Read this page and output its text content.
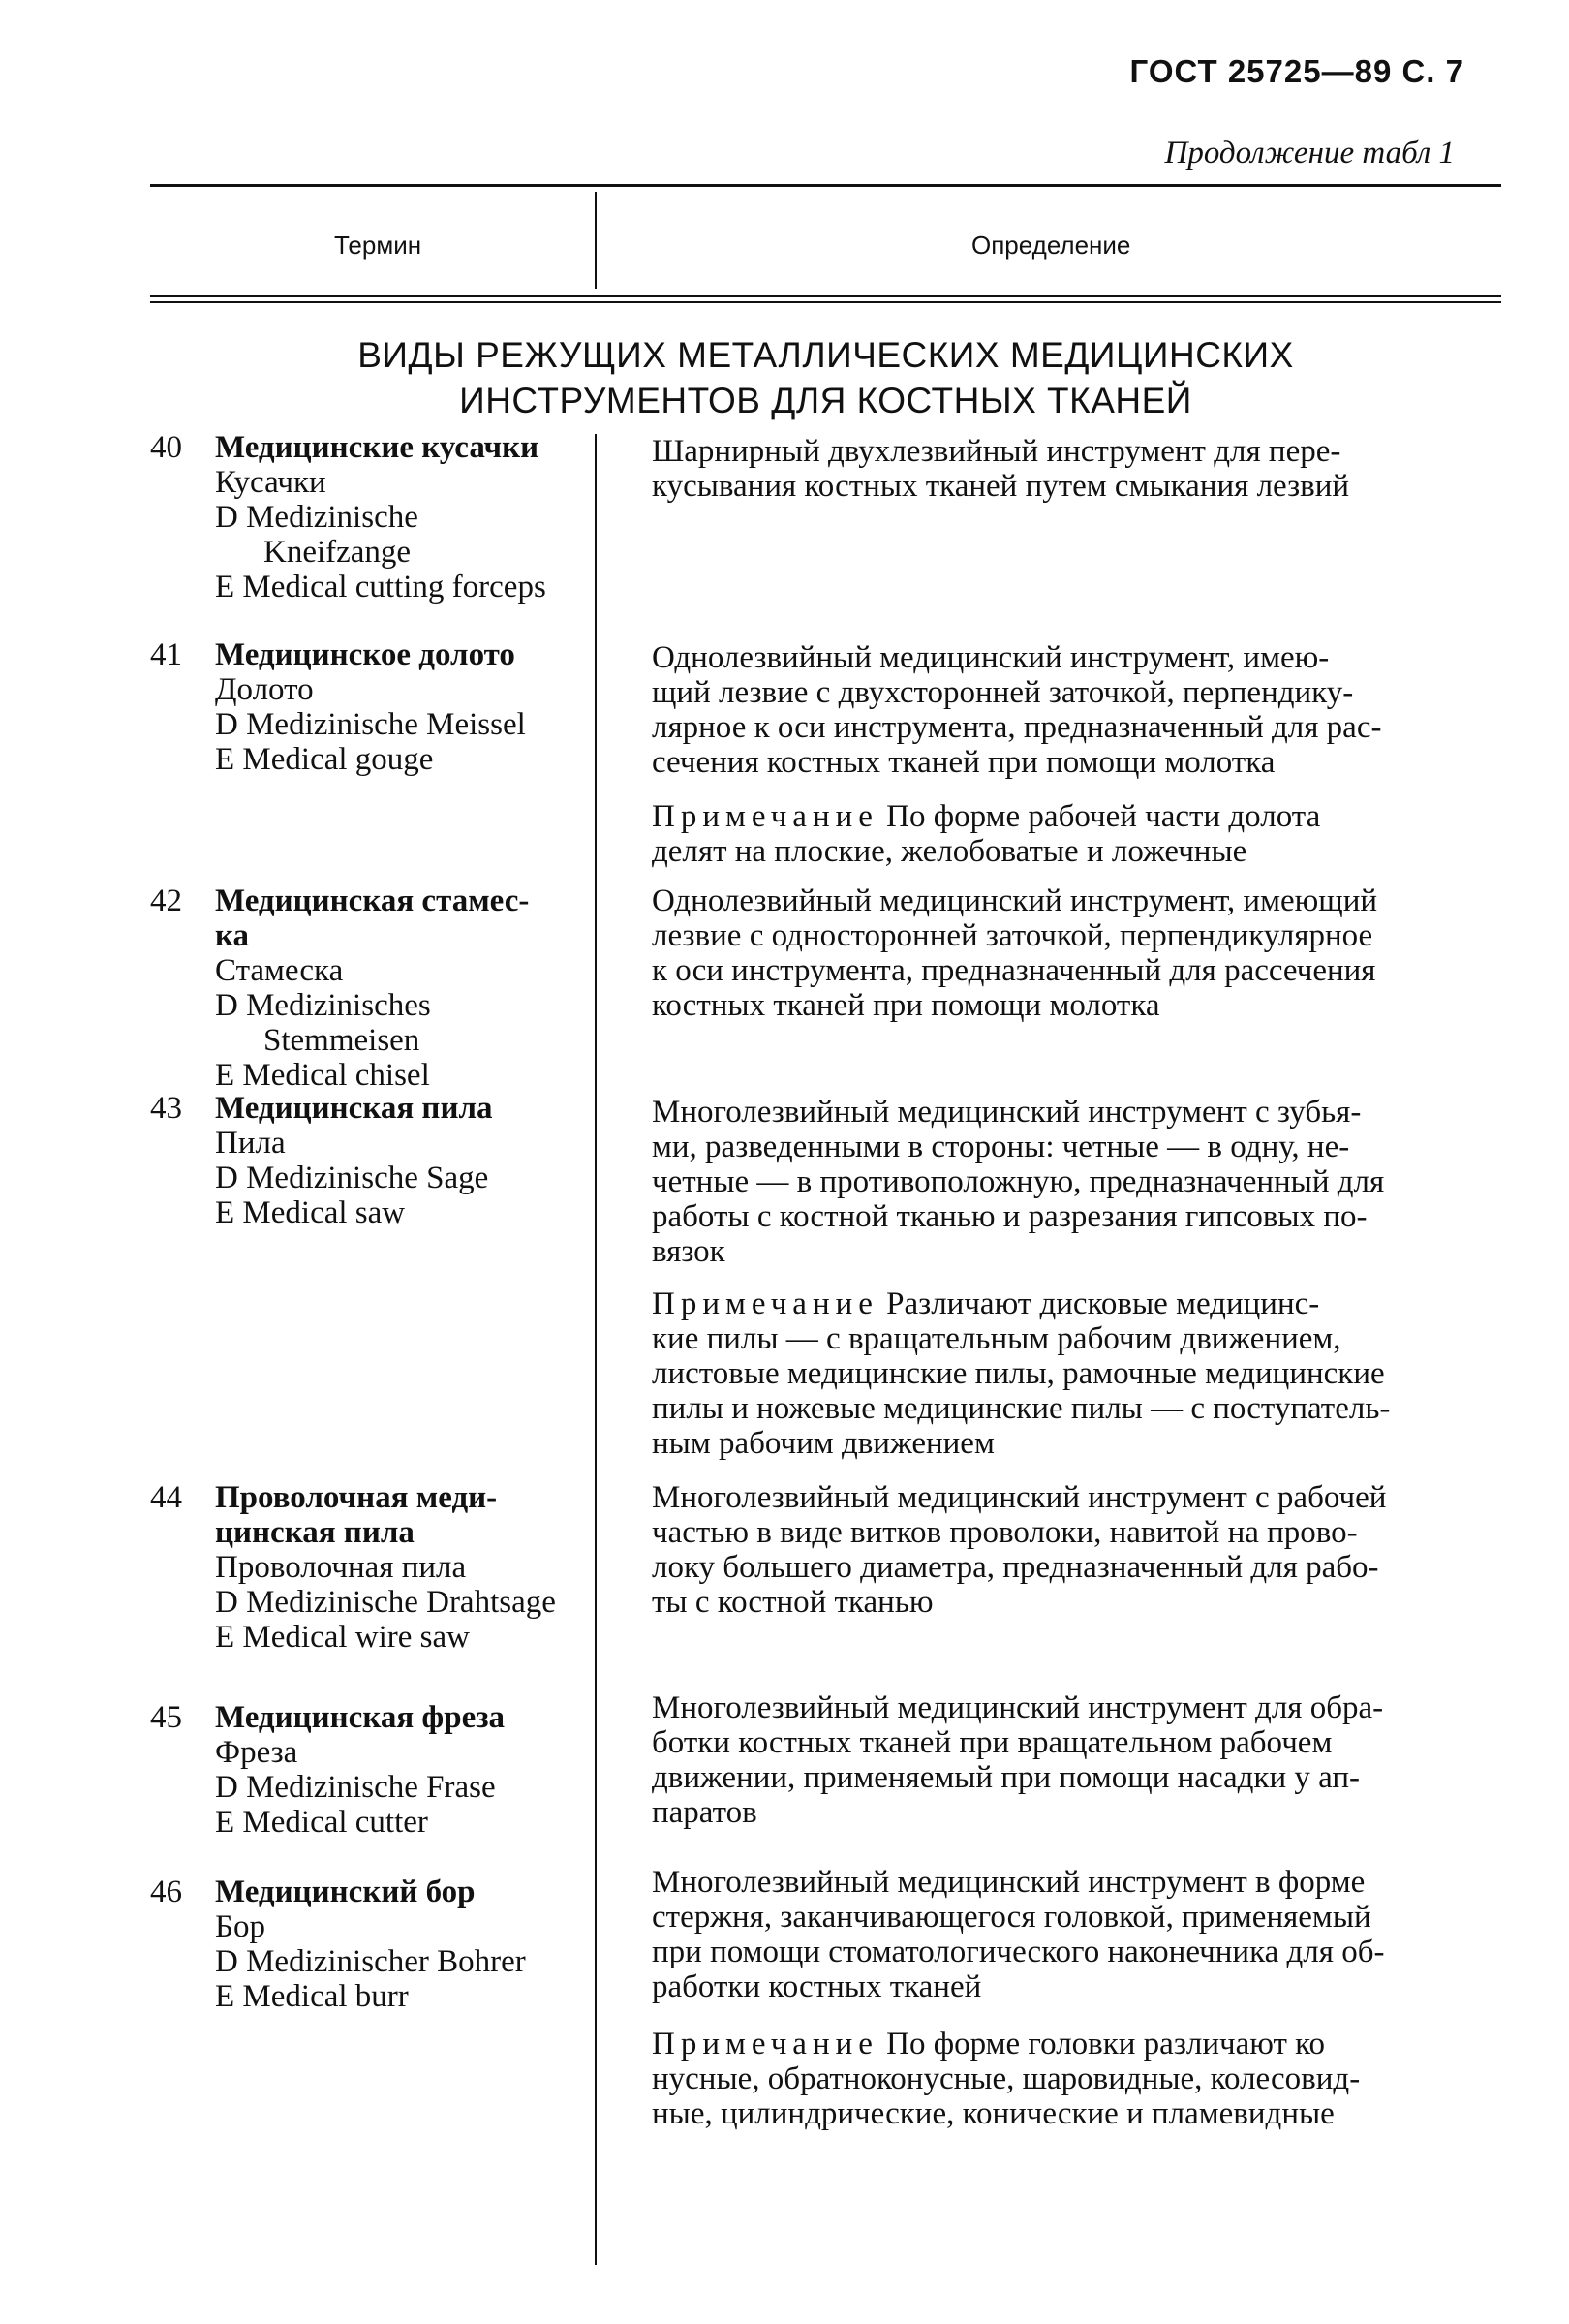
ГОСТ 25725—89 С. 7
Продолжение табл 1
Термин	Определение
ВИДЫ РЕЖУЩИХ МЕТАЛЛИЧЕСКИХ МЕДИЦИНСКИХ
ИНСТРУМЕНТОВ ДЛЯ КОСТНЫХ ТКАНЕЙ
40 Медицинские кусачки
Кусачки
D Medizinische Kneifzange
E Medical cutting forceps
Шарнирный двухлезвийный инструмент для пере-
кусывания костных тканей путем смыкания лезвий
41 Медицинское долото
Долото
D Medizinische Meissel
E Medical gouge
Однолезвийный медицинский инструмент, имею-
щий лезвие с двухсторонней заточкой, перпендику-
лярное к оси инструмента, предназначенный для рас-
сечения костных тканей при помощи молотка
Примечание По форме рабочей части долота
делят на плоские, желобоватые и ложечные
42 Медицинская стамес-
ка
Стамеска
D Medizinisches Stemmeisen
E Medical chisel
Однолезвийный медицинский инструмент, имеющий
лезвие с односторонней заточкой, перпендикулярное
к оси инструмента, предназначенный для рассечения
костных тканей при помощи молотка
43 Медицинская пила
Пила
D Medizinische Sage
E Medical saw
Многолезвийный медицинский инструмент с зубья-
ми, разведенными в стороны: четные — в одну, не-
четные — в противоположную, предназначенный для
работы с костной тканью и разрезания гипсовых по-
вязок
Примечание Различают дисковые медицинс-
кие пилы — с вращательным рабочим движением,
листовые медицинские пилы, рамочные медицинские
пилы и ножевые медицинские пилы — с поступатель-
ным рабочим движением
44 Проволочная меди-
цинская пила
Проволочная пила
D Medizinische Drahtsage
E Medical wire saw
Многолезвийный медицинский инструмент с рабочей
частью в виде витков проволоки, навитой на прово-
локу большего диаметра, предназначенный для рабо-
ты с костной тканью
45 Медицинская фреза
Фреза
D Medizinische Frase
E Medical cutter
Многолезвийный медицинский инструмент для обра-
ботки костных тканей при вращательном рабочем
движении, применяемый при помощи насадки у ап-
паратов
46 Медицинский бор
Бор
D Medizinischer Bohrer
E Medical burr
Многолезвийный медицинский инструмент в форме
стержня, заканчивающегося головкой, применяемый
при помощи стоматологического наконечника для об-
работки костных тканей
Примечание По форме головки различают ко
нусные, обратноконусные, шаровидные, колесовид-
ные, цилиндрические, конические и пламевидные
